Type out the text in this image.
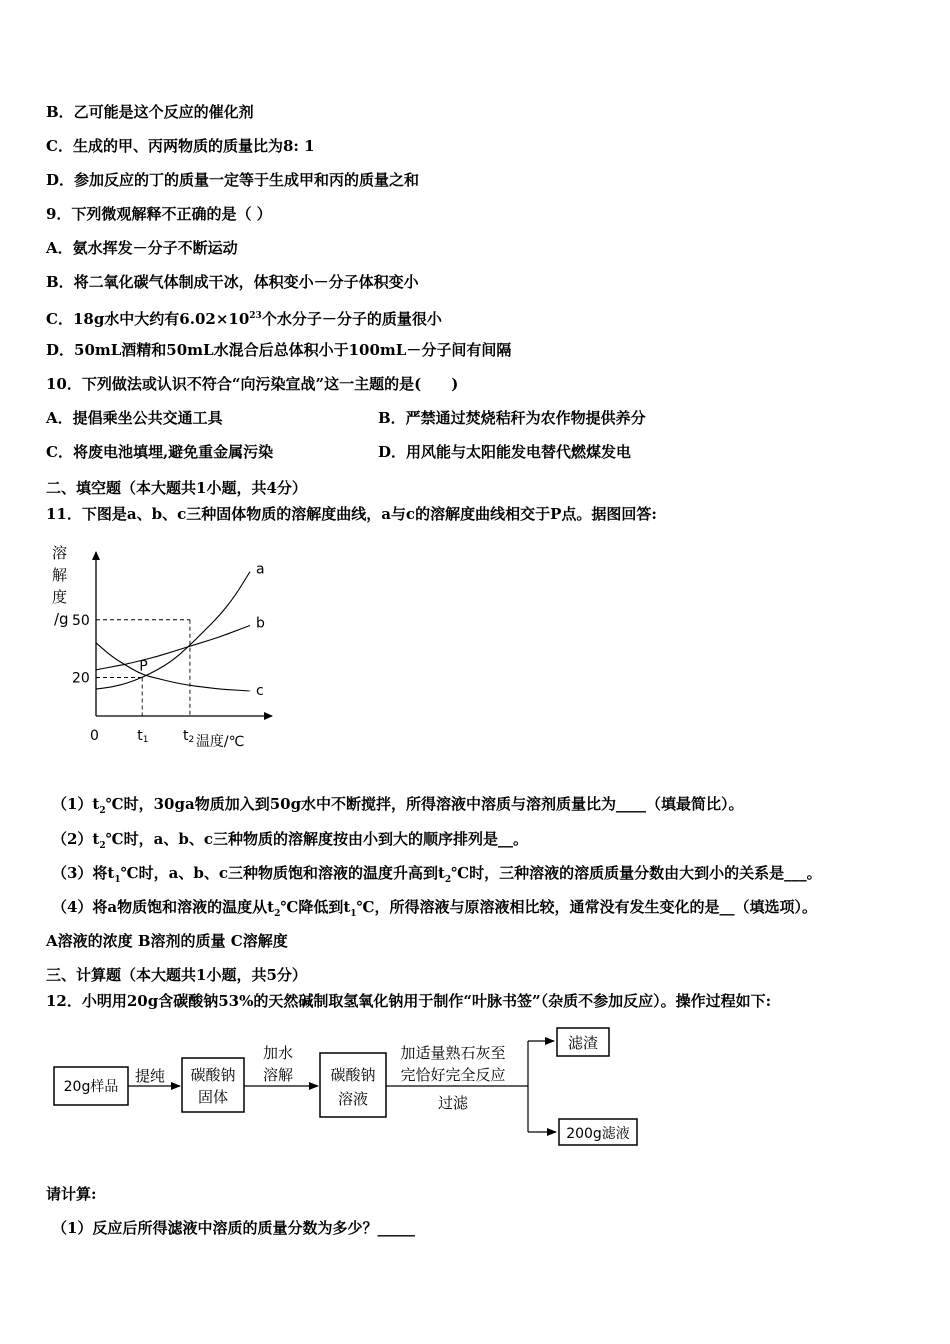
B．乙可能是这个反应的催化剂
C．生成的甲、丙两物质的质量比为8: 1
D．参加反应的丁的质量一定等于生成甲和丙的质量之和
9．下列微观解释不正确的是（ ）
A．氨水挥发－分子不断运动
B．将二氧化碳气体制成干冰，体积变小－分子体积变小
C．18g水中大约有$6.02\times 10^{23}$个水分子－分子的质量很小
D．50mL酒精和50mL水混合后总体积小于100mL－分子间有间隔
10．下列做法或认识不符合“向污染宣战”这一主题的是(　　)
A．提倡乘坐公共交通工具	B．严禁通过焚烧秸秆为农作物提供养分
C．将废电池填埋,避免重金属污染	D．用风能与太阳能发电替代燃煤发电
二、填空题（本大题共1小题，共4分）
11．下图是a、b、c三种固体物质的溶解度曲线，a与c的溶解度曲线相交于P点。据图回答:
溶
解
度
/g 50
20
0	t1 t2 温度/℃
a
b
c
P
$(1)t_2℃$时，30ga物质加入到50g水中不断搅拌，所得溶液中溶质与溶剂质量比为____（填最简比）。
$(2)t_2℃$时，a、b、c三种物质的溶解度按由小到大的顺序排列是__。
（3）将$t_1℃$时，a、b、c三种物质饱和溶液的温度升高到$t_2℃$时，三种溶液的溶质质量分数由大到小的关系是___。
（4）将a物质饱和溶液的温度从$t_2℃$降低到$t_1℃$，所得溶液与原溶液相比较，通常没有发生变化的是__（填选项）。
A溶液的浓度 B溶剂的质量 C溶解度
三、计算题（本大题共1小题，共5分）
12．小明用20g含碳酸钠53%的天然碱制取氢氧化钠用于制作“叶脉书签”（杂质不参加反应）。操作过程如下:
20g样品
提纯 碳酸钠
固体
加水
溶解 碳酸钠
溶液
加适量熟石灰至
完恰好完全反应
过滤
滤渣
200g滤液
请计算:
（1）反应后所得滤液中溶质的质量分数为多少？_____
